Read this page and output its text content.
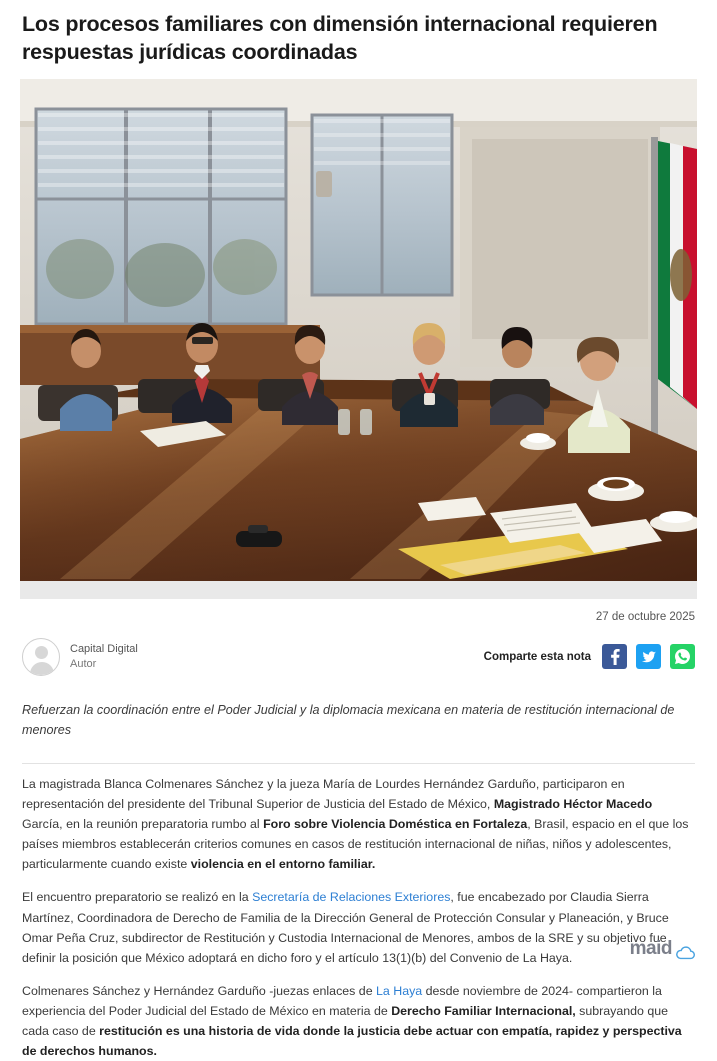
Los procesos familiares con dimensión internacional requieren respuestas jurídicas coordinadas
27 de octubre 2025
Capital Digital
Autor
Comparte esta nota

Refuerzan la coordinación entre el Poder Judicial y la diplomacia mexicana en materia de restitución internacional de menores

La magistrada Blanca Colmenares Sánchez y la jueza María de Lourdes Hernández Garduño, participaron en representación del presidente del Tribunal Superior de Justicia del Estado de México, Magistrado Héctor Macedo García, en la reunión preparatoria rumbo al Foro sobre Violencia Doméstica en Fortaleza, Brasil, espacio en el que los países miembros establecerán criterios comunes en casos de restitución internacional de niñas, niños y adolescentes, particularmente cuando existe violencia en el entorno familiar.

El encuentro preparatorio se realizó en la Secretaría de Relaciones Exteriores, fue encabezado por Claudia Sierra Martínez, Coordinadora de Derecho de Familia de la Dirección General de Protección Consular y Planeación, y Bruce Omar Peña Cruz, subdirector de Restitución y Custodia Internacional de Menores, ambos de la SRE y su objetivo fue definir la posición que México adoptará en dicho foro y el artículo 13(1)(b) del Convenio de La Haya.

Colmenares Sánchez y Hernández Garduño -juezas enlaces de La Haya desde noviembre de 2024- compartieron la experiencia del Poder Judicial del Estado de México en materia de Derecho Familiar Internacional, subrayando que cada caso de restitución es una historia de vida donde la justicia debe actuar con empatía, rapidez y perspectiva de derechos humanos.

maid
